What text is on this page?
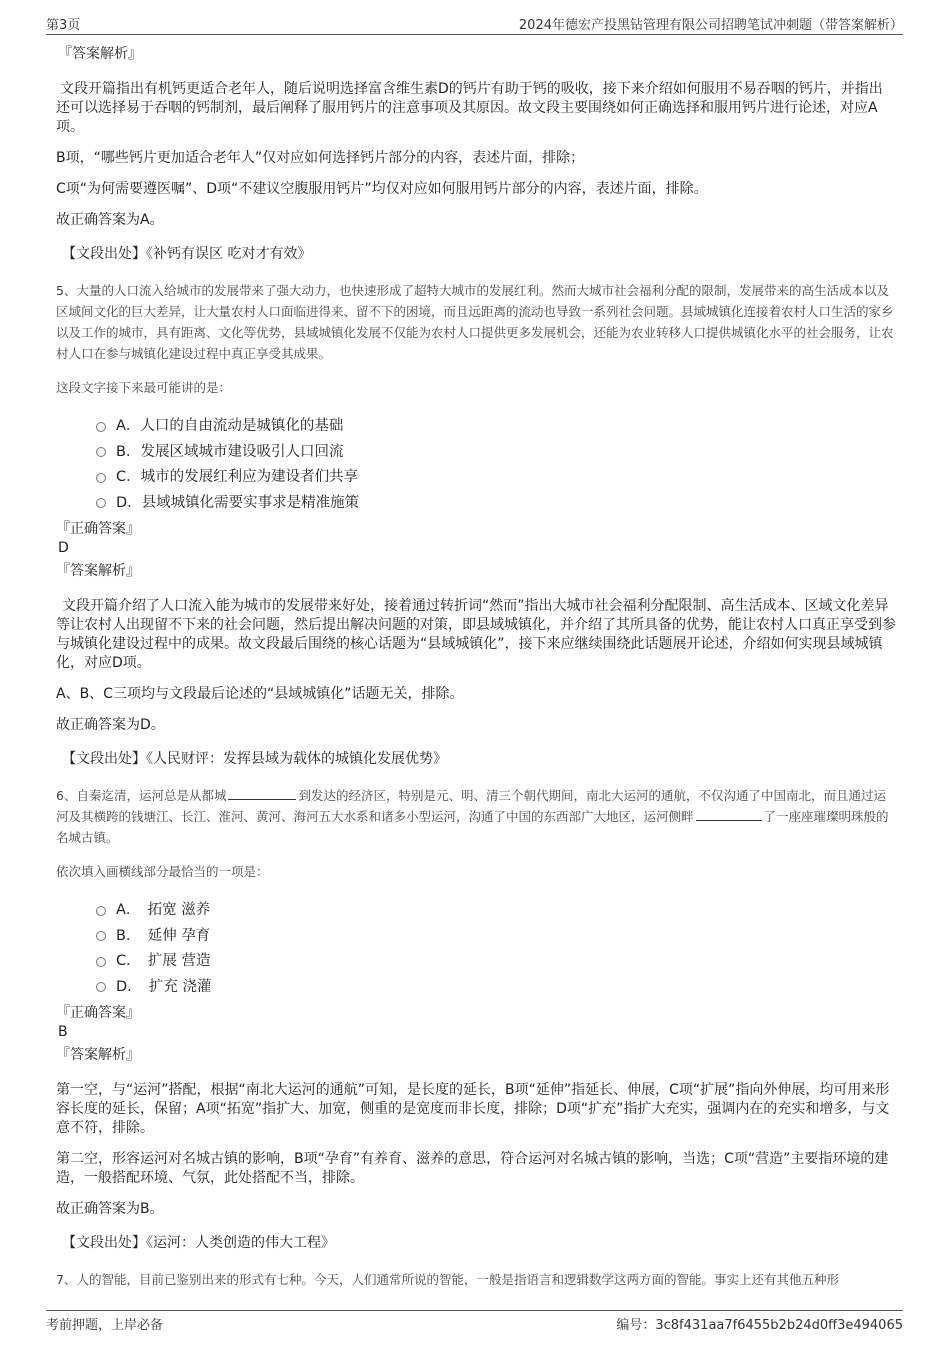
第3页	2024年德宏产投黑钻管理有限公司招聘笔试冲刺题（带答案解析）
『答案解析』

文段开篇指出有机钙更适合老年人，随后说明选择富含维生素D的钙片有助于钙的吸收，接下来介绍如何服用不易吞咽的钙片，并指出还可以选择易于吞咽的钙制剂，最后阐释了服用钙片的注意事项及其原因。故文段主要围绕如何正确选择和服用钙片进行论述，对应A项。

B项，“哪些钙片更加适合老年人”仅对应如何选择钙片部分的内容，表述片面，排除；

C项“为何需要遵医嘱”、D项“不建议空腹服用钙片”均仅对应如何服用钙片部分的内容，表述片面，排除。

故正确答案为A。

【文段出处】《补钙有误区 吃对才有效》

5、大量的人口流入给城市的发展带来了强大动力，也快速形成了超特大城市的发展红利。然而大城市社会福利分配的限制，发展带来的高生活成本以及区域间文化的巨大差异，让大量农村人口面临进得来、留不下的困境，而且远距离的流动也导致一系列社会问题。县域城镇化连接着农村人口生活的家乡以及工作的城市，具有距离、文化等优势，县域城镇化发展不仅能为农村人口提供更多发展机会，还能为农业转移人口提供城镇化水平的社会服务，让农村人口在参与城镇化建设过程中真正享受其成果。

这段文字接下来最可能讲的是：

A．人口的自由流动是城镇化的基础
B．发展区域城市建设吸引人口回流
C．城市的发展红利应为建设者们共享
D．县域城镇化需要实事求是精准施策
『正确答案』
D
『答案解析』

文段开篇介绍了人口流入能为城市的发展带来好处，接着通过转折词“然而”指出大城市社会福利分配限制、高生活成本、区域文化差异等让农村人出现留不下来的社会问题，然后提出解决问题的对策，即县域城镇化，并介绍了其所具备的优势，能让农村人口真正享受到参与城镇化建设过程中的成果。故文段最后围绕的核心话题为“县域城镇化”，接下来应继续围绕此话题展开论述，介绍如何实现县域城镇化，对应D项。

A、B、C三项均与文段最后论述的“县域城镇化”话题无关，排除。

故正确答案为D。

【文段出处】《人民财评：发挥县域为载体的城镇化发展优势》

6、自秦迄清，运河总是从都城	到发达的经济区，特别是元、明、清三个朝代期间，南北大运河的通航，不仅沟通了中国南北，而且通过运河及其横跨的钱塘江、长江、淮河、黄河、海河五大水系和诸多小型运河，沟通了中国的东西部广大地区，运河侧畔	了一座座璀璨明珠般的名城古镇。

依次填入画横线部分最恰当的一项是：

A．　拓宽 滋养
B．　延伸 孕育
C．　扩展 营造
D．　扩充 浇灌
『正确答案』
B
『答案解析』

第一空，与“运河”搭配，根据“南北大运河的通航”可知，是长度的延长，B项“延伸”指延长、伸展，C项“扩展”指向外伸展，均可用来形容长度的延长，保留；A项“拓宽”指扩大、加宽，侧重的是宽度而非长度，排除；D项“扩充”指扩大充实，强调内在的充实和增多，与文意不符，排除。

第二空，形容运河对名城古镇的影响，B项“孕育”有养育、滋养的意思，符合运河对名城古镇的影响，当选；C项“营造”主要指环境的建造，一般搭配环境、气氛，此处搭配不当，排除。

故正确答案为B。

【文段出处】《运河：人类创造的伟大工程》

7、人的智能，目前已鉴别出来的形式有七种。今天，人们通常所说的智能，一般是指语言和逻辑数学这两方面的智能。事实上还有其他五种形

考前押题，上岸必备	编号：3c8f431aa7f6455b2b24d0ff3e494065
